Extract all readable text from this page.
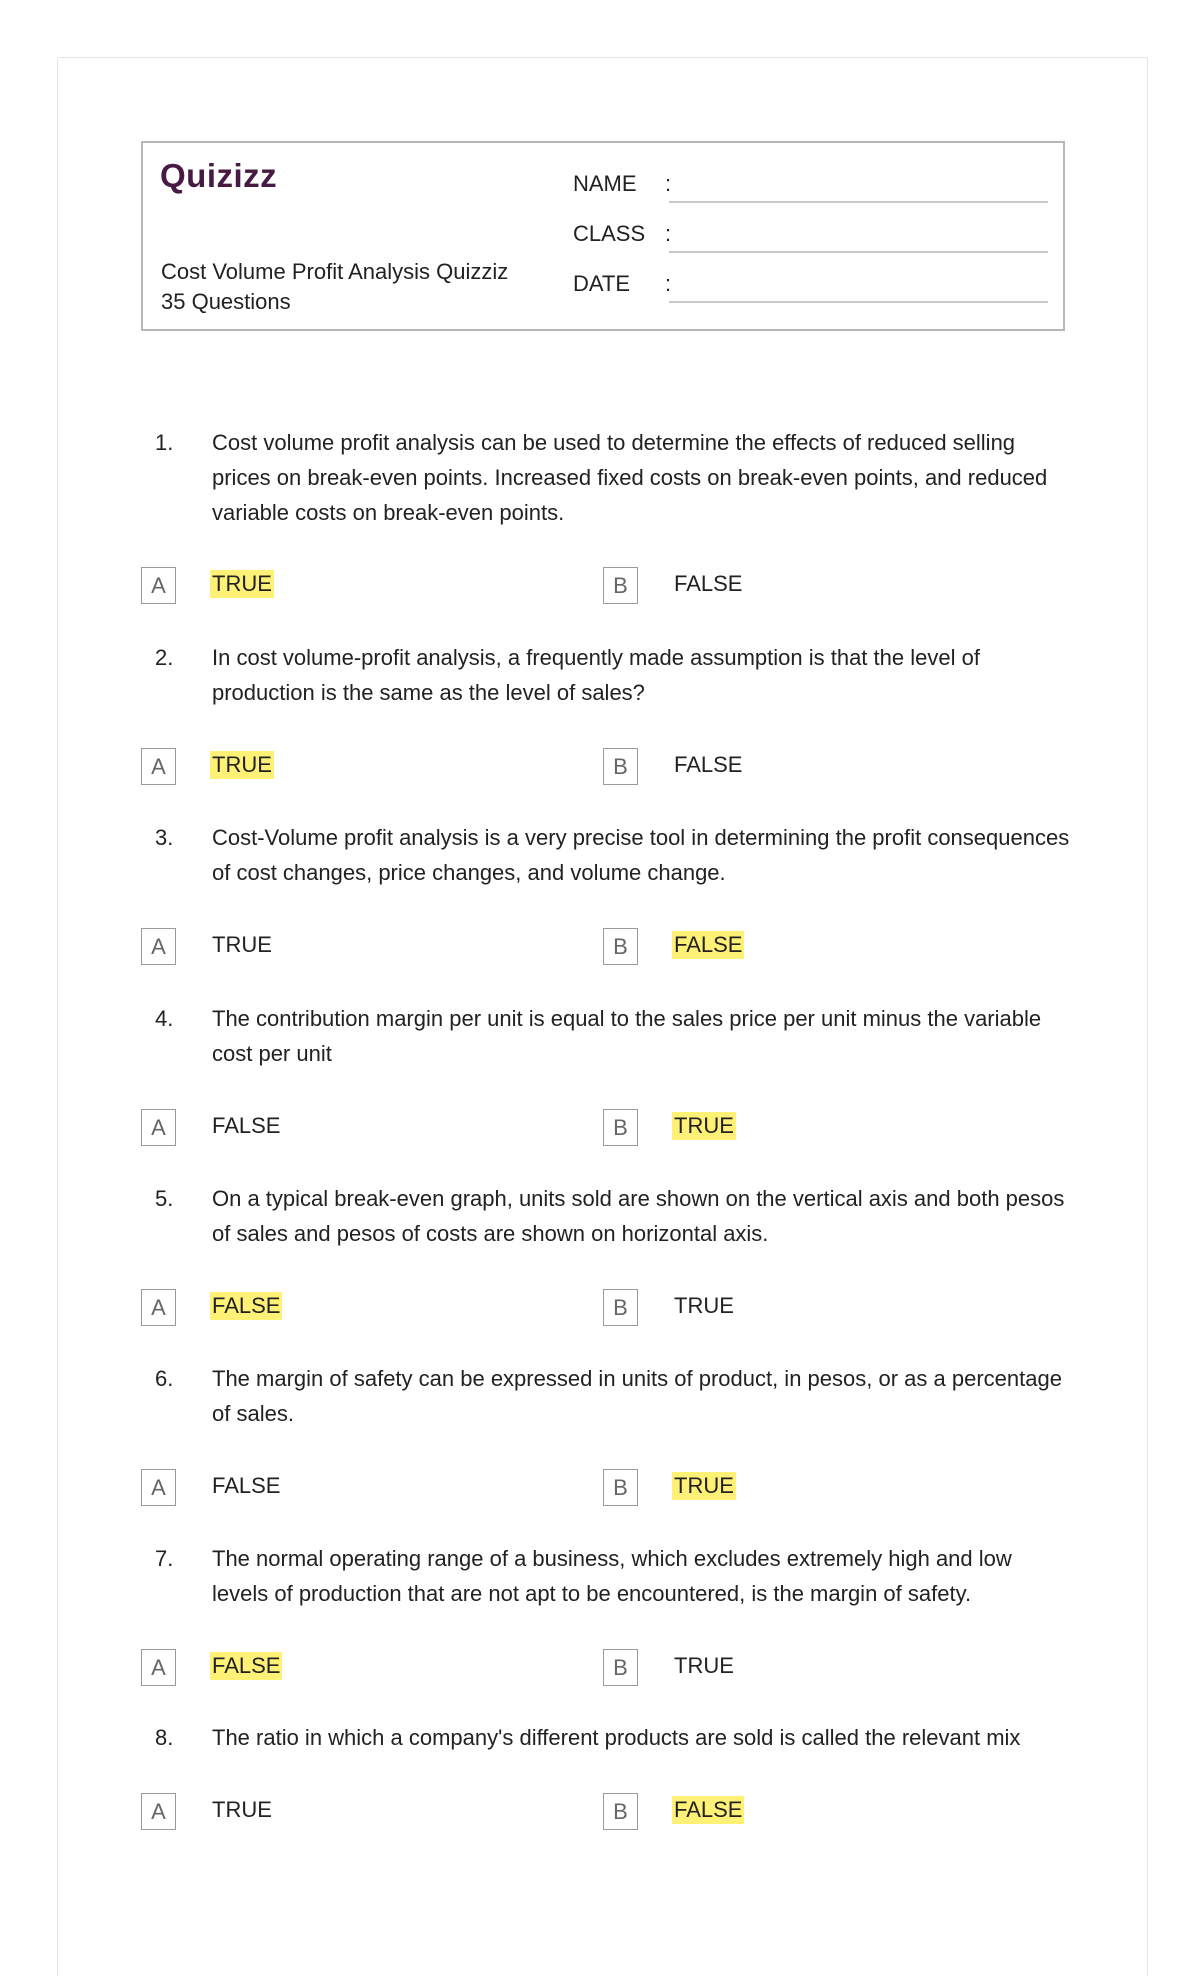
Quizizz
Cost Volume Profit Analysis Quizziz
35 Questions
NAME :
CLASS :
DATE :
1.	Cost volume profit analysis can be used to determine the effects of reduced selling prices on break-even points. Increased fixed costs on break-even points, and reduced variable costs on break-even points.
A	TRUE	B	FALSE
2.	In cost volume-profit analysis, a frequently made assumption is that the level of production is the same as the level of sales?
A	TRUE	B	FALSE
3.	Cost-Volume profit analysis is a very precise tool in determining the profit consequences of cost changes, price changes, and volume change.
A	TRUE	B	FALSE
4.	The contribution margin per unit is equal to the sales price per unit minus the variable cost per unit
A	FALSE	B	TRUE
5.	On a typical break-even graph, units sold are shown on the vertical axis and both pesos of sales and pesos of costs are shown on horizontal axis.
A	FALSE	B	TRUE
6.	The margin of safety can be expressed in units of product, in pesos, or as a percentage of sales.
A	FALSE	B	TRUE
7.	The normal operating range of a business, which excludes extremely high and low levels of production that are not apt to be encountered, is the margin of safety.
A	FALSE	B	TRUE
8.	The ratio in which a company's different products are sold is called the relevant mix
A	TRUE	B	FALSE
